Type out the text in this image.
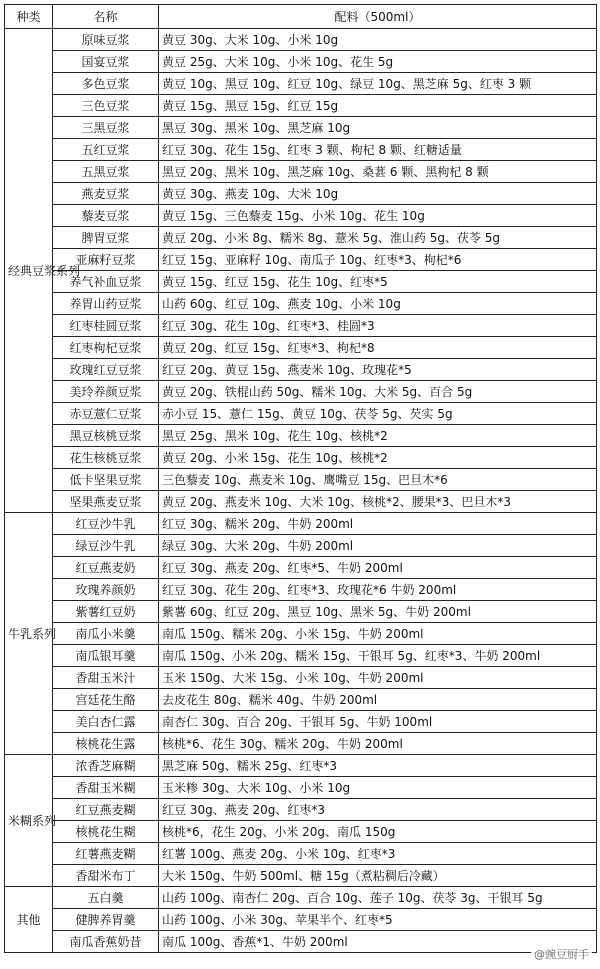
种类	名称	配料（500ml）
经典豆浆系列	原味豆浆	黄豆 30g、大米 10g、小米 10g
	国宴豆浆	黄豆 25g、大米 10g、小米 10g、花生 5g
	多色豆浆	黄豆 10g、黑豆 10g、红豆 10g、绿豆 10g、黑芝麻 5g、红枣 3 颗
	三色豆浆	黄豆 15g、黑豆 15g、红豆 15g
	三黑豆浆	黑豆 30g、黑米 10g、黑芝麻 10g
	五红豆浆	红豆 30g、花生 15g、红枣 3 颗、枸杞 8 颗、红糖适量
	五黑豆浆	黑豆 20g、黑米 10g、黑芝麻 10g、桑葚 6 颗、黑枸杞 8 颗
	燕麦豆浆	黄豆 30g、燕麦 10g、大米 10g
	藜麦豆浆	黄豆 15g、三色藜麦 15g、小米 10g、花生 10g
	脾胃豆浆	黄豆 20g、小米 8g、糯米 8g、薏米 5g、淮山药 5g、茯苓 5g
	亚麻籽豆浆	红豆 15g、亚麻籽 10g、南瓜子 10g、红枣*3、枸杞*6
	养气补血豆浆	黄豆 15g、红豆 15g、花生 10g、红枣*5
	养胃山药豆浆	山药 60g、红豆 10g、燕麦 10g、小米 10g
	红枣桂圆豆浆	红豆 30g、花生 10g、红枣*3、桂圆*3
	红枣枸杞豆浆	黄豆 20g、红豆 15g、红枣*3、枸杞*8
	玫瑰红豆豆浆	红豆 20g、黄豆 15g、燕麦米 10g、玫瑰花*5
	美玲养颜豆浆	黄豆 20g、铁棍山药 50g、糯米 10g、大米 5g、百合 5g
	赤豆薏仁豆浆	赤小豆 15、薏仁 15g、黄豆 10g、茯苓 5g、芡实 5g
	黑豆核桃豆浆	黑豆 25g、黑米 10g、花生 10g、核桃*2
	花生核桃豆浆	黄豆 20g、小米 15g、花生 10g、核桃*2
	低卡坚果豆浆	三色藜麦 10g、燕麦米 10g、鹰嘴豆 15g、巴旦木*6
	坚果燕麦豆浆	黄豆 20g、燕麦米 10g、大米 10g、核桃*2、腰果*3、巴旦木*3
牛乳系列	红豆沙牛乳	红豆 30g、糯米 20g、牛奶 200ml
	绿豆沙牛乳	绿豆 30g、大米 20g、牛奶 200ml
	红豆燕麦奶	红豆 30g、燕麦 20g、红枣*5、牛奶 200ml
	玫瑰养颜奶	红豆 30g、花生 20g、红枣*3、玫瑰花*6 牛奶 200ml
	紫薯红豆奶	紫薯 60g、红豆 20g、黑豆 10g、黑米 5g、牛奶 200ml
	南瓜小米羹	南瓜 150g、糯米 20g、小米 15g、牛奶 200ml
	南瓜银耳羹	南瓜 150g、小米 20g、糯米 15g、干银耳 5g、红枣*3、牛奶 200ml
	香甜玉米汁	玉米 150g、大米 15g、小米 10g、牛奶 200ml
	宫廷花生酪	去皮花生 80g、糯米 40g、牛奶 200ml
	美白杏仁露	南杏仁 30g、百合 20g、干银耳 5g、牛奶 100ml
	核桃花生露	核桃*6、花生 30g、糯米 20g、牛奶 200ml
米糊系列	浓香芝麻糊	黑芝麻 50g、糯米 25g、红枣*3
	香甜玉米糊	玉米糁 30g、大米 10g、小米 10g
	红豆燕麦糊	红豆 30g、燕麦 20g、红枣*3
	核桃花生糊	核桃*6，花生 20g、小米 20g、南瓜 150g
	红薯燕麦糊	红薯 100g、燕麦 20g、小米 10g、红枣*3
	香甜米布丁	大米 150g、牛奶 500ml、糖 15g（煮粘稠后冷藏）
其他	五白羹	山药 100g、南杏仁 20g、百合 10g、莲子 10g、茯苓 3g、干银耳 5g
	健脾养胃羹	山药 100g、小米 30g、苹果半个、红枣*5
	南瓜香蕉奶昔	南瓜 100g、香蕉*1、牛奶 200ml
@豌豆厨手
